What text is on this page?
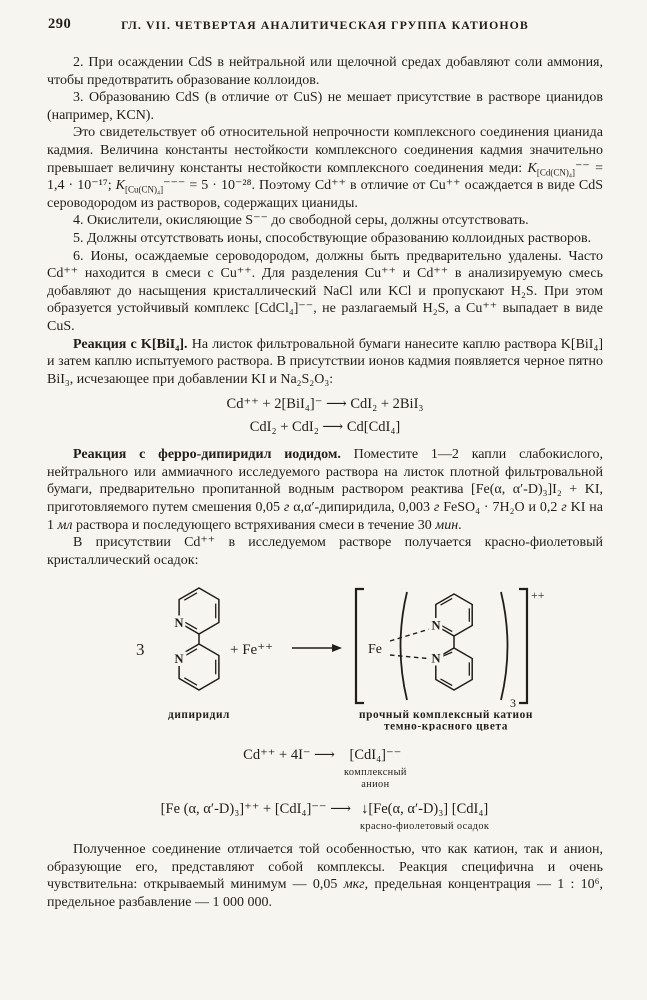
290	ГЛ. VII. ЧЕТВЕРТАЯ АНАЛИТИЧЕСКАЯ ГРУППА КАТИОНОВ

2. При осаждении CdS в нейтральной или щелочной средах добавляют соли аммония, чтобы предотвратить образование коллоидов.

3. Образованию CdS (в отличие от CuS) не мешает присутствие в растворе цианидов (например, KCN).

Это свидетельствует об относительной непрочности комплексного соединения цианида кадмия. Величина константы нестойкости комплексного соединения кадмия значительно превышает величину константы нестойкости комплексного соединения меди: $K_{[Cd(CN)_4]}^{--} = 1,4 \cdot 10^{-17}$; $K_{[Cu(CN)_4]}^{---} = 5 \cdot 10^{-28}$. Поэтому Cd⁺⁺ в отличие от Cu⁺⁺ осаждается в виде CdS сероводородом из растворов, содержащих цианиды.

4. Окислители, окисляющие S⁻⁻ до свободной серы, должны отсутствовать.

5. Должны отсутствовать ионы, способствующие образованию коллоидных растворов.

6. Ионы, осаждаемые сероводородом, должны быть предварительно удалены. Часто Cd⁺⁺ находится в смеси с Cu⁺⁺. Для разделения Cu⁺⁺ и Cd⁺⁺ в анализируемую смесь добавляют до насыщения кристаллический NaCl или KCl и пропускают H₂S. При этом образуется устойчивый комплекс [CdCl₄]⁻⁻, не разлагаемый H₂S, а Cu⁺⁺ выпадает в виде CuS.

Реакция с K[BiI₄]. На листок фильтровальной бумаги нанесите каплю раствора K[BiI₄] и затем каплю испытуемого раствора. В присутствии ионов кадмия появляется черное пятно BiI₃, исчезающее при добавлении KI и Na₂S₂O₃:

Cd⁺⁺ + 2[BiI₄]⁻ ⟶ CdI₂ + 2BiI₃
CdI₂ + CdI₂ ⟶ Cd[CdI₄]

Реакция с ферро-дипиридил иодидом. Поместите 1—2 капли слабокислого, нейтрального или аммиачного исследуемого раствора на листок плотной фильтровальной бумаги, предварительно пропитанной водным раствором реактива [Fe(α, α′-D)₃]I₂ + KI, приготовляемого путем смешения 0,05 г α,α′-дипиридила, 0,003 г FeSO₄ · 7H₂O и 0,2 г KI на 1 мл раствора и последующего встряхивания смеси в течение 30 мин.

В присутствии Cd⁺⁺ в исследуемом растворе получается красно-фиолетовый кристаллический осадок:

3
N
N
+ Fe⁺⁺	Fe
N
N
3
++
дипиридил	прочный комплексный катион
темно-красного цвета
Cd⁺⁺ + 4I⁻ ⟶ [CdI₄]⁻⁻
комплексный
анион
[Fe (α, α′-D)₃]⁺⁺ + [CdI₄]⁻⁻ ⟶ ↓[Fe(α, α′-D)₃] [CdI₄]
красно-фиолетовый осадок

Полученное соединение отличается той особенностью, что как катион, так и анион, образующие его, представляют собой комплексы. Реакция специфична и очень чувствительна: открываемый минимум — 0,05 мкг, предельная концентрация — 1 : 10⁶, предельное разбавление — 1 000 000.
